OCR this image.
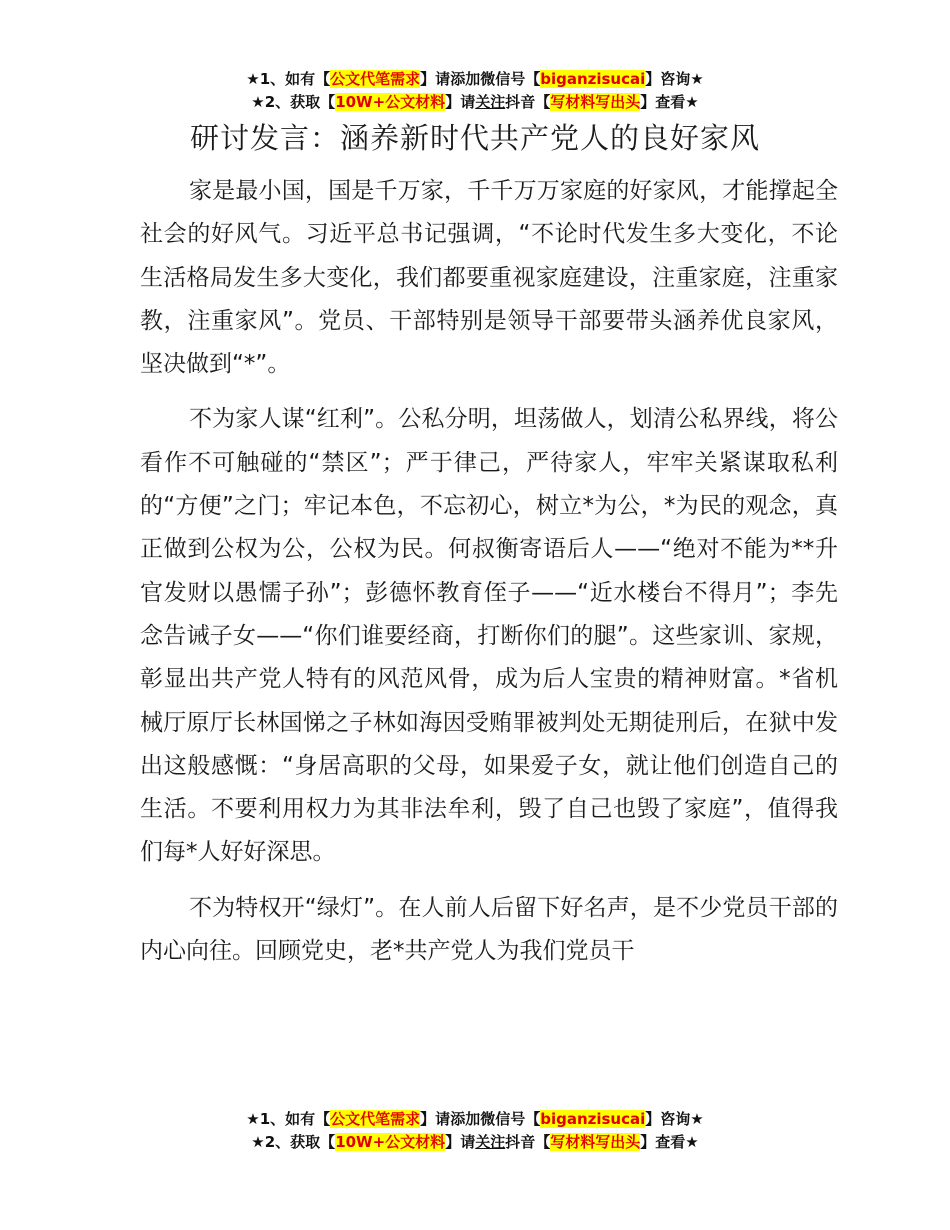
★1、如有【公文代笔需求】请添加微信号【biganzisucai】咨询★
★2、获取【10W+公文材料】请关注抖音【写材料写出头】查看★
研讨发言：涵养新时代共产党人的良好家风

家是最小国，国是千万家，千千万万家庭的好家风，才能撑起全社会的好风气。习近平总书记强调，“不论时代发生多大变化，不论生活格局发生多大变化，我们都要重视家庭建设，注重家庭，注重家教，注重家风”。党员、干部特别是领导干部要带头涵养优良家风，坚决做到“*”。

不为家人谋“红利”。公私分明，坦荡做人，划清公私界线，将公看作不可触碰的“禁区”；严于律己，严待家人，牢牢关紧谋取私利的“方便”之门；牢记本色，不忘初心，树立*为公，*为民的观念，真正做到公权为公，公权为民。何叔衡寄语后人——“绝对不能为**升官发财以愚懦子孙”；彭德怀教育侄子——“近水楼台不得月”；李先念告诫子女——“你们谁要经商，打断你们的腿”。这些家训、家规，彰显出共产党人特有的风范风骨，成为后人宝贵的精神财富。*省机械厅原厅长林国悌之子林如海因受贿罪被判处无期徒刑后，在狱中发出这般感慨：“身居高职的父母，如果爱子女，就让他们创造自己的生活。不要利用权力为其非法牟利，毁了自己也毁了家庭”，值得我们每*人好好深思。

不为特权开“绿灯”。在人前人后留下好名声，是不少党员干部的内心向往。回顾党史，老*共产党人为我们党员干

★1、如有【公文代笔需求】请添加微信号【biganzisucai】咨询★
★2、获取【10W+公文材料】请关注抖音【写材料写出头】查看★
